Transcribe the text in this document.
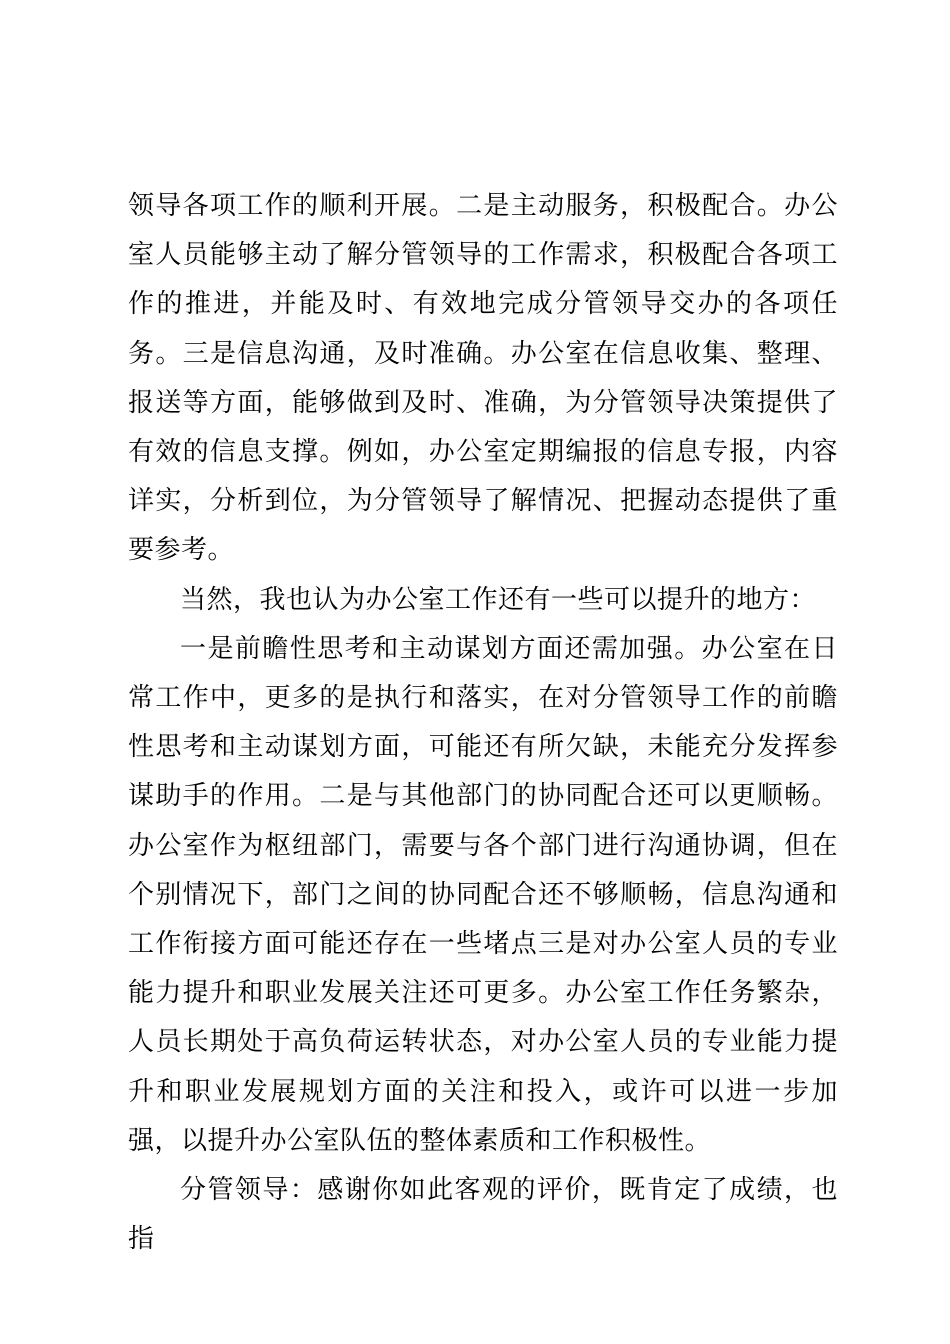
领导各项工作的顺利开展。二是主动服务，积极配合。办公室人员能够主动了解分管领导的工作需求，积极配合各项工作的推进，并能及时、有效地完成分管领导交办的各项任务。三是信息沟通，及时准确。办公室在信息收集、整理、报送等方面，能够做到及时、准确，为分管领导决策提供了有效的信息支撑。例如，办公室定期编报的信息专报，内容详实，分析到位，为分管领导了解情况、把握动态提供了重要参考。

当然，我也认为办公室工作还有一些可以提升的地方：

一是前瞻性思考和主动谋划方面还需加强。办公室在日常工作中，更多的是执行和落实，在对分管领导工作的前瞻性思考和主动谋划方面，可能还有所欠缺，未能充分发挥参谋助手的作用。二是与其他部门的协同配合还可以更顺畅。办公室作为枢纽部门，需要与各个部门进行沟通协调，但在个别情况下，部门之间的协同配合还不够顺畅，信息沟通和工作衔接方面可能还存在一些堵点三是对办公室人员的专业能力提升和职业发展关注还可更多。办公室工作任务繁杂，人员长期处于高负荷运转状态，对办公室人员的专业能力提升和职业发展规划方面的关注和投入，或许可以进一步加强，以提升办公室队伍的整体素质和工作积极性。

分管领导：感谢你如此客观的评价，既肯定了成绩，也指
